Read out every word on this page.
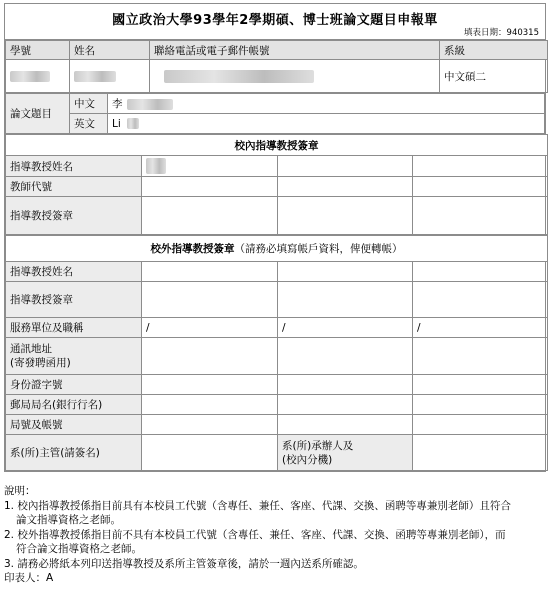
國立政治大學93學年2學期碩、博士班論文題目申報單
填表日期：940315
學號	姓名	聯絡電話或電子郵件帳號	系級
			中文碩二
論文題目	中文	李
	英文	Li
校內指導教授簽章			
指導教授姓名			
教師代號			
指導教授簽章			
校外指導教授簽章（請務必填寫帳戶資料，俾便轉帳）			
指導教授姓名			
指導教授簽章			
服務單位及職稱	/	/	/
通訊地址
(寄發聘函用)			
身份證字號			
郵局局名(銀行行名)			
局號及帳號			
系(所)主管(請簽名)		系(所)承辦人及
(校內分機)	
說明：
1. 校內指導教授係指目前具有本校員工代號（含專任、兼任、客座、代課、交換、函聘等專兼別老師）且符合
論文指導資格之老師。
2. 校外指導教授係指目前不具有本校員工代號（含專任、兼任、客座、代課、交換、函聘等專兼別老師），而
符合論文指導資格之老師。
3. 請務必將紙本列印送指導教授及系所主管簽章後，請於一週內送系所確認。
印表人：A
